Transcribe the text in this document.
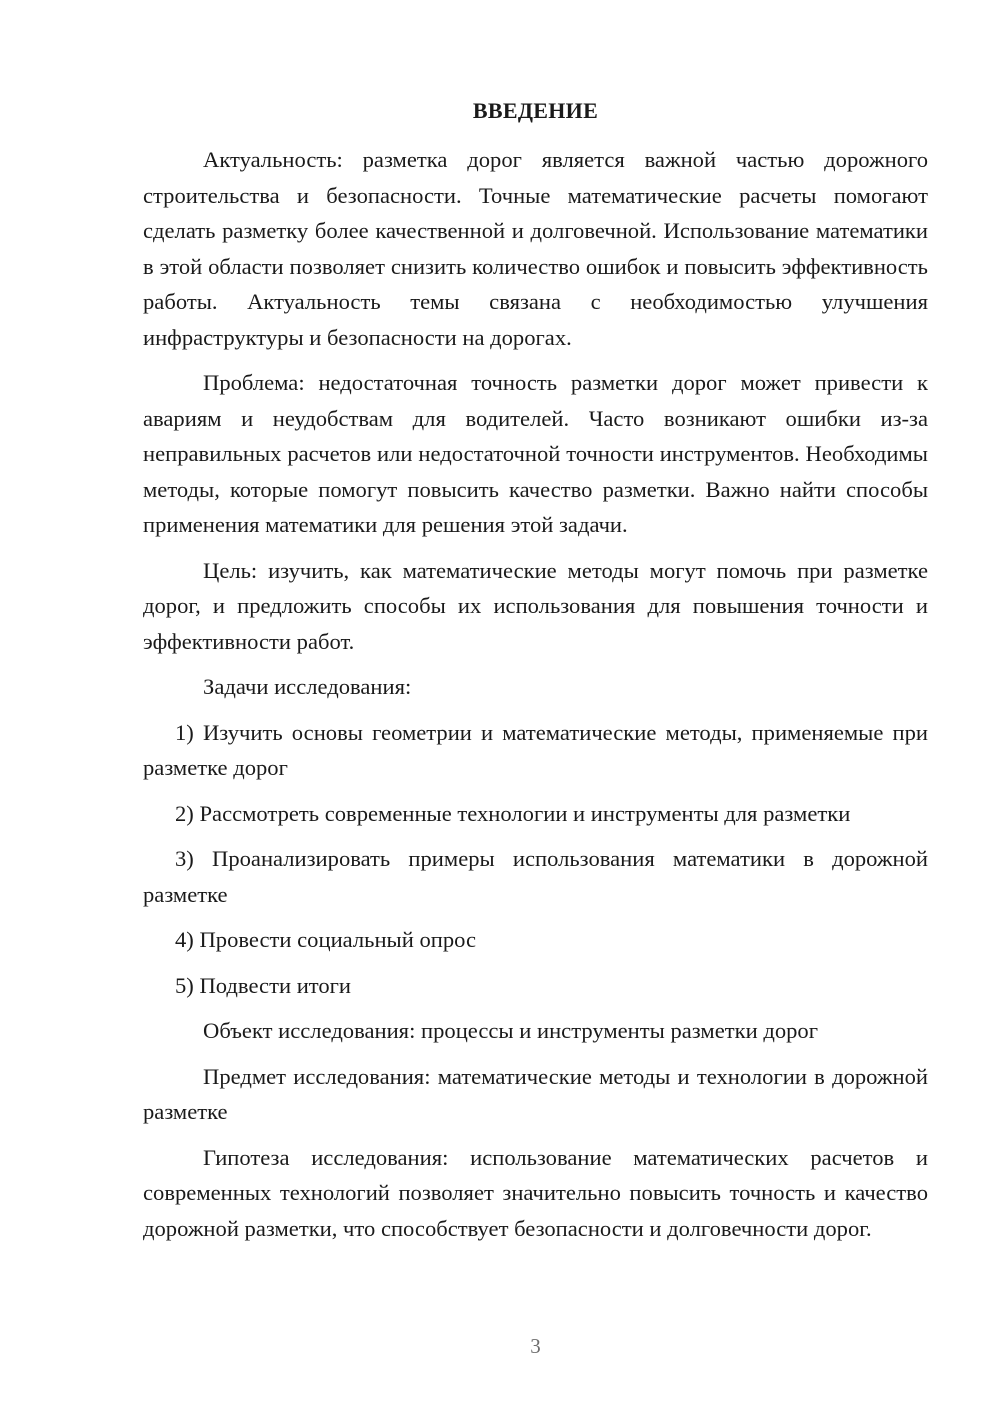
ВВЕДЕНИЕ

Актуальность: разметка дорог является важной частью дорожного строительства и безопасности. Точные математические расчеты помогают сделать разметку более качественной и долговечной. Использование математики в этой области позволяет снизить количество ошибок и повысить эффективность работы. Актуальность темы связана с необходимостью улучшения инфраструктуры и безопасности на дорогах.

Проблема: недостаточная точность разметки дорог может привести к авариям и неудобствам для водителей. Часто возникают ошибки из-за неправильных расчетов или недостаточной точности инструментов. Необходимы методы, которые помогут повысить качество разметки. Важно найти способы применения математики для решения этой задачи.

Цель: изучить, как математические методы могут помочь при разметке дорог, и предложить способы их использования для повышения точности и эффективности работ.

Задачи исследования:

1) Изучить основы геометрии и математические методы, применяемые при разметке дорог

2) Рассмотреть современные технологии и инструменты для разметки

3) Проанализировать примеры использования математики в дорожной разметке

4) Провести социальный опрос

5) Подвести итоги

Объект исследования: процессы и инструменты разметки дорог

Предмет исследования: математические методы и технологии в дорожной разметке

Гипотеза исследования: использование математических расчетов и современных технологий позволяет значительно повысить точность и качество дорожной разметки, что способствует безопасности и долговечности дорог.

3
